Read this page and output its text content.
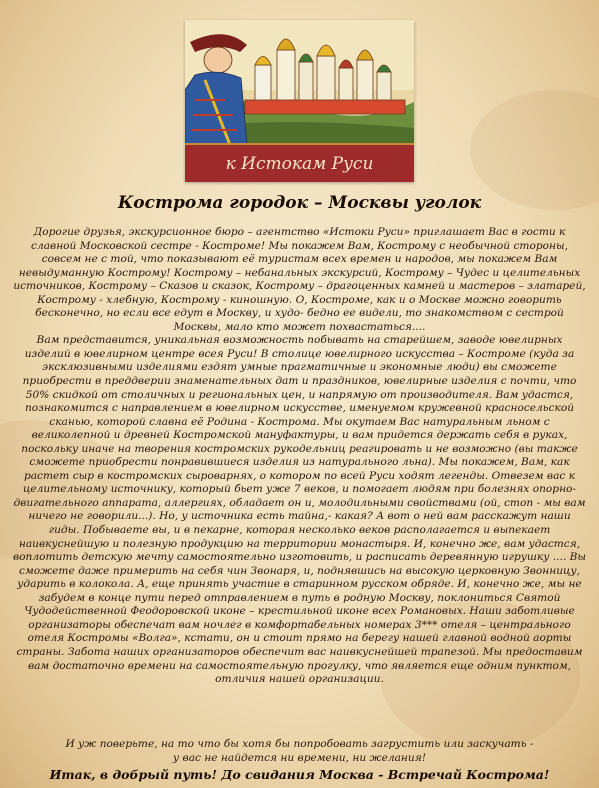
к Истокам Руси
Кострома городок – Москвы уголок

Дорогие друзья, экскурсионное бюро – агентство «Истоки Руси» приглашает Вас в гости к славной Московской сестре - Костроме! Мы покажем Вам, Кострому с необычной стороны, совсем не с той, что показывают её туристам всех времен и народов, мы покажем Вам невыдуманную Кострому! Кострому – небанальных экскурсий, Кострому – Чудес и целительных источников, Кострому – Сказов и сказок, Кострому – драгоценных камней и мастеров – златарей, Кострому - хлебную, Кострому - киношную. О, Костроме, как и о Москве можно говорить бесконечно, но если все едут в Москву, и худо- бедно ее видели, то знакомством с сестрой Москвы, мало кто может похвастаться....

Вам представится, уникальная возможность побывать на старейшем, заводе ювелирных изделий в ювелирном центре всея Руси! В столице ювелирного искусства – Костроме (куда за эксклюзивными изделиями ездят умные прагматичные и экономные люди) вы сможете приобрести в преддверии знаменательных дат и праздников, ювелирные изделия с почти, что 50% скидкой от столичных и региональных цен, и напрямую от производителя. Вам удастся, познакомится с направлением в ювелирном искусстве, именуемом кружевной красносельской сканью, которой славна её Родина - Кострома. Мы окутаем Вас натуральным льном с великолепной и древней Костромской мануфактуры, и вам придется держать себя в руках, поскольку иначе на творения костромских рукодельниц реагировать и не возможно (вы также сможете приобрести понравившиеся изделия из натурального льна). Мы покажем, Вам, как растет сыр в костромских сыроварнях, о котором по всей Руси ходят легенды. Отвезем вас к целительному источнику, который бьет уже 7 веков, и помогает людям при болезнях опорно-двигательного аппарата, аллергиях, обладает он и, молодильными свойствами (ой, стоп - мы вам ничего не говорили...). Но, у источника есть тайна,- какая? А вот о ней вам расскажут наши гиды. Побываете вы, и в пекарне, которая несколько веков располагается и выпекает наивкуснейшую и полезную продукцию на территории монастыря. И, конечно же, вам удастся, воплотить детскую мечту самостоятельно изготовить, и расписать деревянную игрушку .... Вы сможете даже примерить на себя чин Звонаря, и, поднявшись на высокую церковную Звонницу, ударить в колокола. А, еще принять участие в старинном русском обряде. И, конечно же, мы не забудем в конце пути перед отправлением в путь в родную Москву, поклониться Святой Чудодейственной Феодоровской иконе – крестильной иконе всех Романовых. Наши заботливые организаторы обеспечат вам ночлег в комфортабельных номерах 3*** отеля – центрального отеля Костромы «Волга», кстати, он и стоит прямо на берегу нашей главной водной аорты страны. Забота наших организаторов обеспечит вас наивкуснейшей трапезой. Мы предоставим вам достаточно времени на самостоятельную прогулку, что является еще одним пунктом, отличия нашей организации.

И уж поверьте, на то что бы хотя бы попробовать загрустить или заскучать -

у вас не найдется ни времени, ни желания!

Итак, в добрый путь! До свидания Москва - Встречай Кострома!
